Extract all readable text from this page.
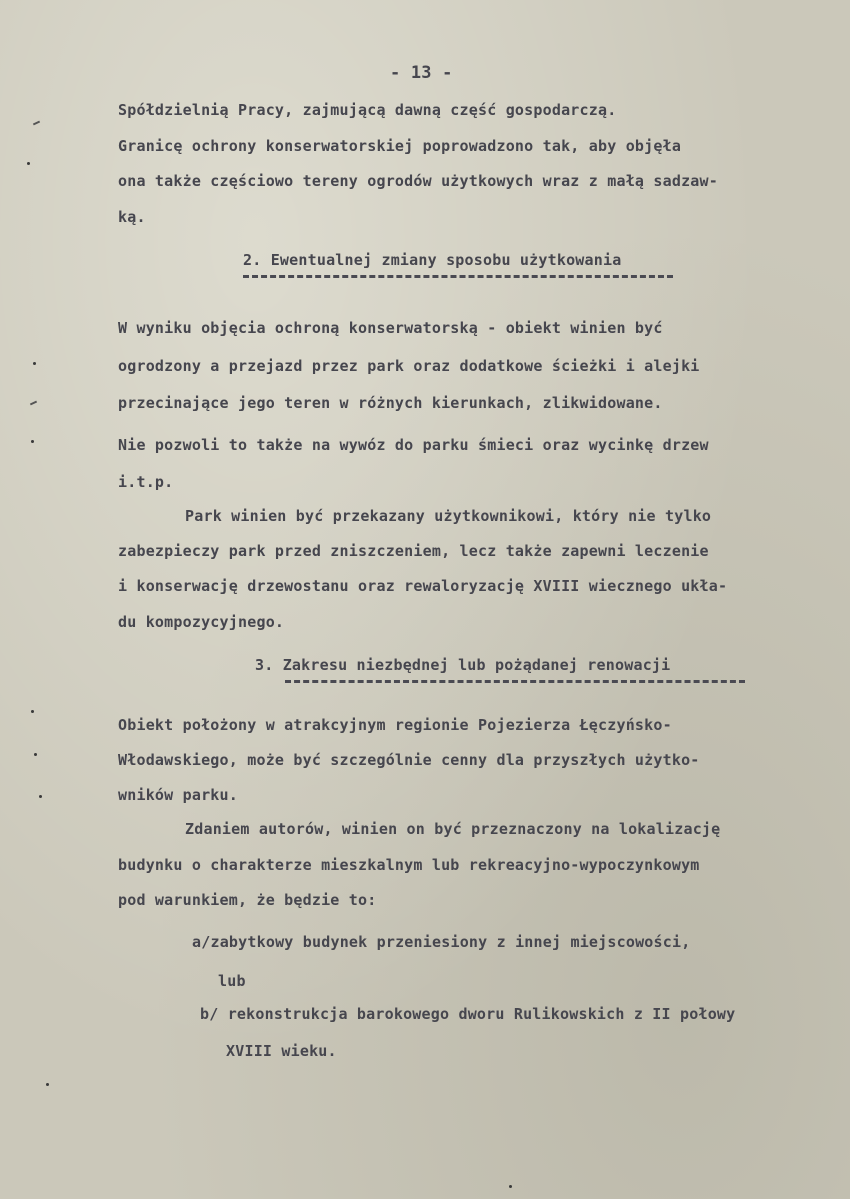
- 13 -
Spółdzielnią Pracy, zajmującą dawną część gospodarczą.
Granicę ochrony konserwatorskiej poprowadzono tak, aby objęła
ona także częściowo tereny ogrodów użytkowych wraz z małą sadzaw-
ką.
2. Ewentualnej zmiany sposobu użytkowania
W wyniku objęcia ochroną konserwatorską - obiekt winien być
ogrodzony a przejazd przez park oraz dodatkowe ścieżki i alejki
przecinające jego teren w różnych kierunkach, zlikwidowane.
Nie pozwoli to także na wywóz do parku śmieci oraz wycinkę drzew
i.t.p.
Park winien być przekazany użytkownikowi, który nie tylko
zabezpieczy park przed zniszczeniem, lecz także zapewni leczenie
i konserwację drzewostanu oraz rewaloryzację XVIII wiecznego ukła-
du kompozycyjnego.
3. Zakresu niezbędnej lub pożądanej renowacji
Obiekt położony w atrakcyjnym regionie Pojezierza Łęczyńsko-
Włodawskiego, może być szczególnie cenny dla przyszłych użytko-
wników parku.
Zdaniem autorów, winien on być przeznaczony na lokalizację
budynku o charakterze mieszkalnym lub rekreacyjno-wypoczynkowym
pod warunkiem, że będzie to:
a/zabytkowy budynek przeniesiony z innej miejscowości,
lub
b/ rekonstrukcja barokowego dworu Rulikowskich z II połowy
XVIII wieku.
